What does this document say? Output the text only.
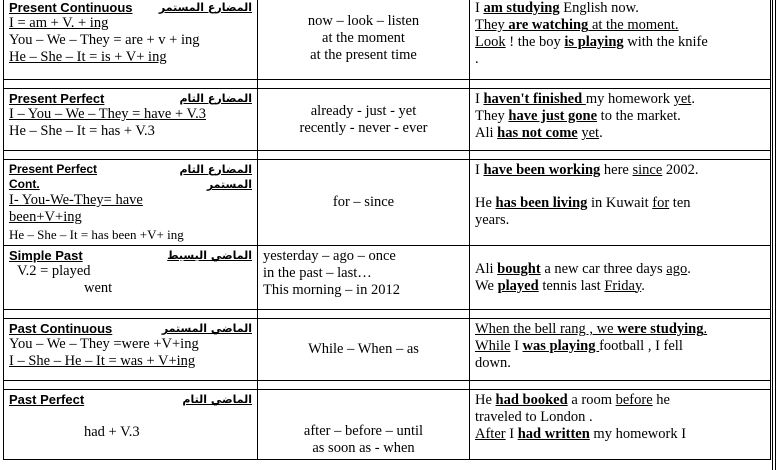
Present Continuous المضارع المستمر
I = am + V. + ing
You – We – They = are + v + ing
He – She – It = is + V+ ing	now – look – listen
at the moment
at the present time	I am studying English now.
They are watching at the moment.
Look ! the boy is playing with the knife
.

Present Perfect المضارع التام
I – You – We – They = have + V.3
He – She – It = has + V.3	already - just - yet
recently - never - ever	I haven't finished my homework yet.
They have just gone to the market.
Ali has not come yet.

Present Perfect Cont.
المضارع التام المستمر
I- You-We-They= have
been+V+ing
He – She – It = has been +V+ ing	for – since	I have been working here since 2002.
He has been living in Kuwait for ten
years.

Simple Past الماضي البسيط
V.2 = played
went	yesterday – ago – once
in the past – last…
This morning – in 2012	Ali bought a new car three days ago.
We played tennis last Friday.

Past Continuous الماضي المستمر
You – We – They =were +V+ing
I – She – He – It = was + V+ing	While – When – as	When the bell rang , we were studying.
While I was playing football , I fell
down.

Past Perfect الماضي التام
had + V.3	after – before – until
as soon as - when	He had booked a room before he
traveled to London .
After I had written my homework I
